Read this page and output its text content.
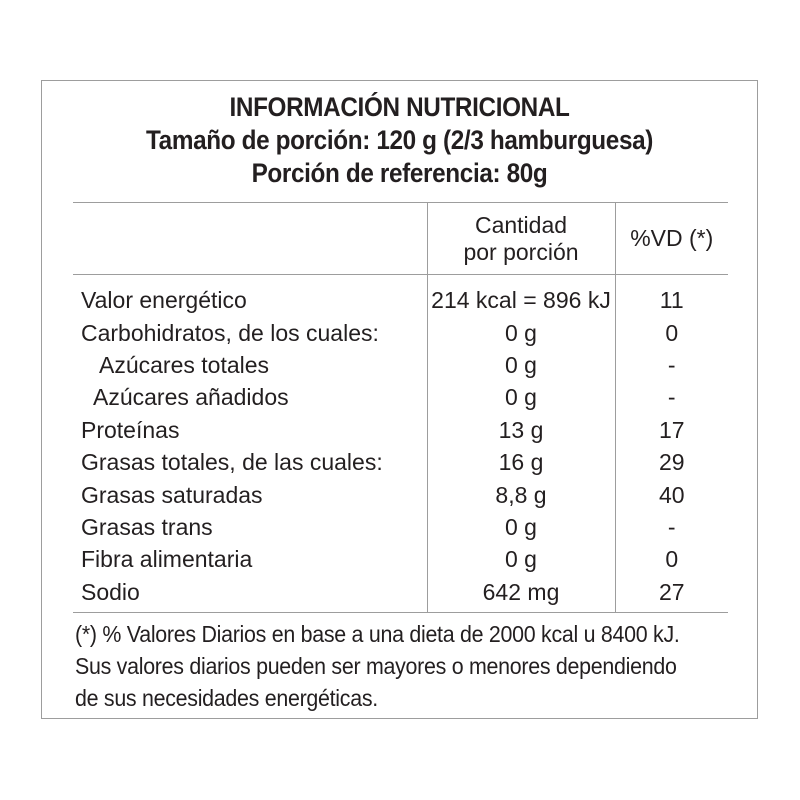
INFORMACIÓN NUTRICIONAL
Tamaño de porción: 120 g (2/3 hamburguesa)
Porción de referencia: 80g

	Cantidad
por porción	%VD (*)
Valor energético	214 kcal = 896 kJ	11
Carbohidratos, de los cuales:	0 g	0
Azúcares totales	0 g	-
Azúcares añadidos	0 g	-
Proteínas	13 g	17
Grasas totales, de las cuales:	16 g	29
Grasas saturadas	8,8 g	40
Grasas trans	0 g	-
Fibra alimentaria	0 g	0
Sodio	642 mg	27
(*) % Valores Diarios en base a una dieta de 2000 kcal u 8400 kJ.
Sus valores diarios pueden ser mayores o menores dependiendo
de sus necesidades energéticas.
